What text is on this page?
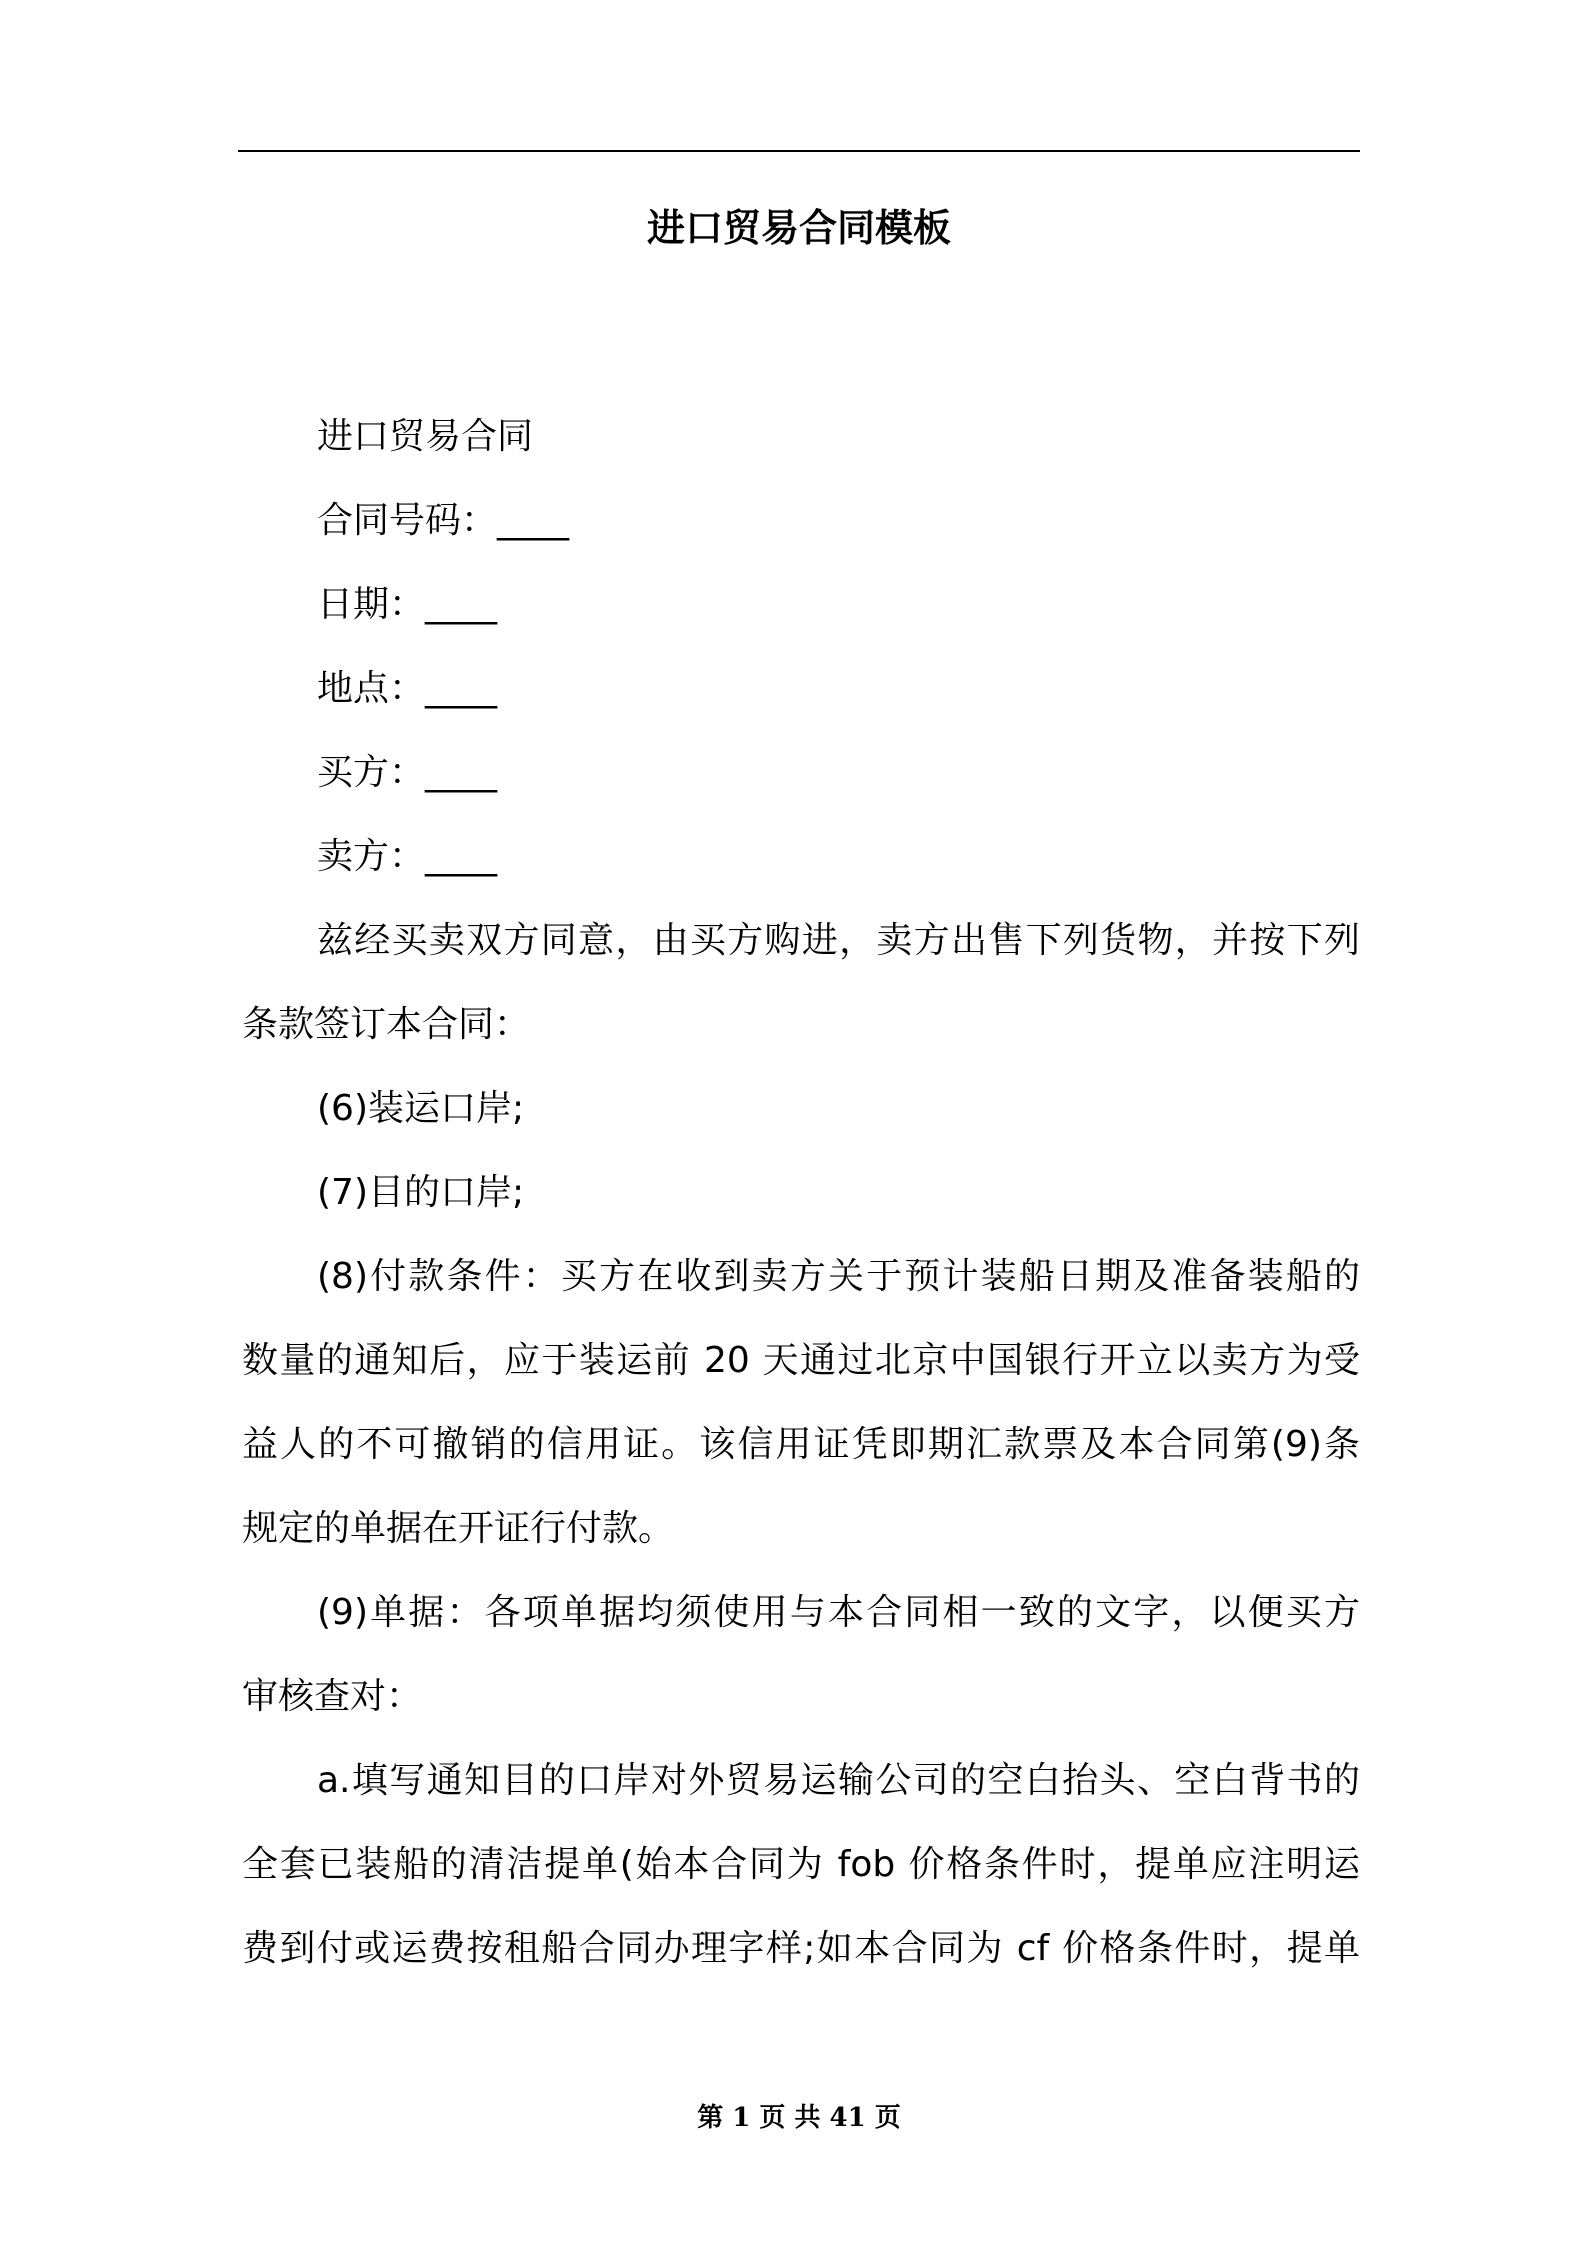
进口贸易合同模板
进口贸易合同
合同号码：____
日期：____
地点：____
买方：____
卖方：____
兹经买卖双方同意，由买方购进，卖方出售下列货物，并按下列
条款签订本合同：
(6)装运口岸;
(7)目的口岸;
(8)付款条件：买方在收到卖方关于预计装船日期及准备装船的
数量的通知后，应于装运前 20 天通过北京中国银行开立以卖方为受
益人的不可撤销的信用证。该信用证凭即期汇款票及本合同第(9)条
规定的单据在开证行付款。
(9)单据：各项单据均须使用与本合同相一致的文字，以便买方
审核查对：
a.填写通知目的口岸对外贸易运输公司的空白抬头、空白背书的
全套已装船的清洁提单(始本合同为 fob 价格条件时，提单应注明运
费到付或运费按租船合同办理字样;如本合同为 cf 价格条件时，提单
第 1 页 共 41 页
